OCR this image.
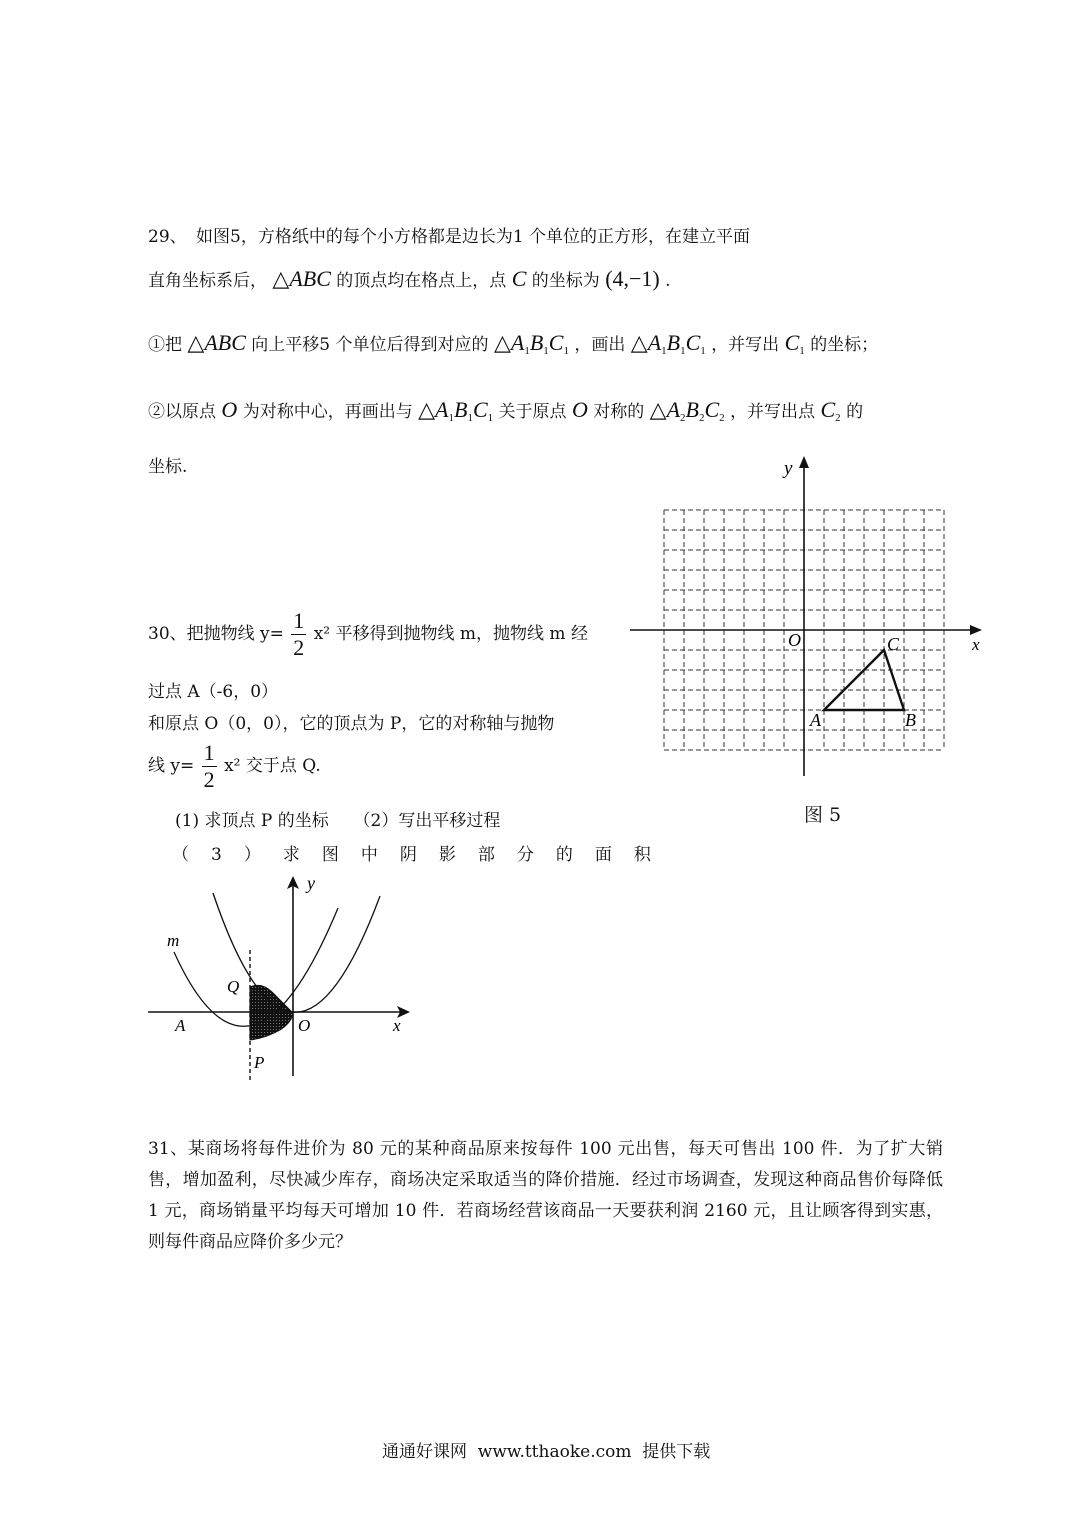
29、 如图5，方格纸中的每个小方格都是边长为1 个单位的正方形，在建立平面
直角坐标系后， △ABC 的顶点均在格点上，点 C 的坐标为 (4,−1) .
①把 △ABC 向上平移5 个单位后得到对应的 $\triangle A_1B_1C_1$ ，画出 $\triangle A_1B_1C_1$ ，并写出 $C_1$ 的坐标；
②以原点 O 为对称中心，再画出与 $\triangle A_1B_1C_1$ 关于原点 O 对称的 $\triangle A_2B_2C_2$ ，并写出点 $C_2$ 的
坐标.
x
y
O
A	B
C
图 5
30、把抛物线 $y= \frac{1}{2} x^2$ 平移得到抛物线 m，抛物线 m 经
过点 A（-6，0）
和原点 O（0，0），它的顶点为 P，它的对称轴与抛物
线 $y= \frac{1}{2} x^2$ 交于点 Q.
(1) 求顶点 P 的坐标 （2）写出平移过程
（3）求图中阴影部分的面积
m
Q
A	O
P
x
y
31、某商场将每件进价为 80 元的某种商品原来按每件 100 元出售，每天可售出 100 件．为了扩大销售，增加盈利，尽快减少库存，商场决定采取适当的降价措施．经过市场调查，发现这种商品售价每降低 1 元，商场销量平均每天可增加 10 件．若商场经营该商品一天要获利润 2160 元，且让顾客得到实惠，则每件商品应降价多少元？
通通好课网  www.tthaoke.com  提供下载
